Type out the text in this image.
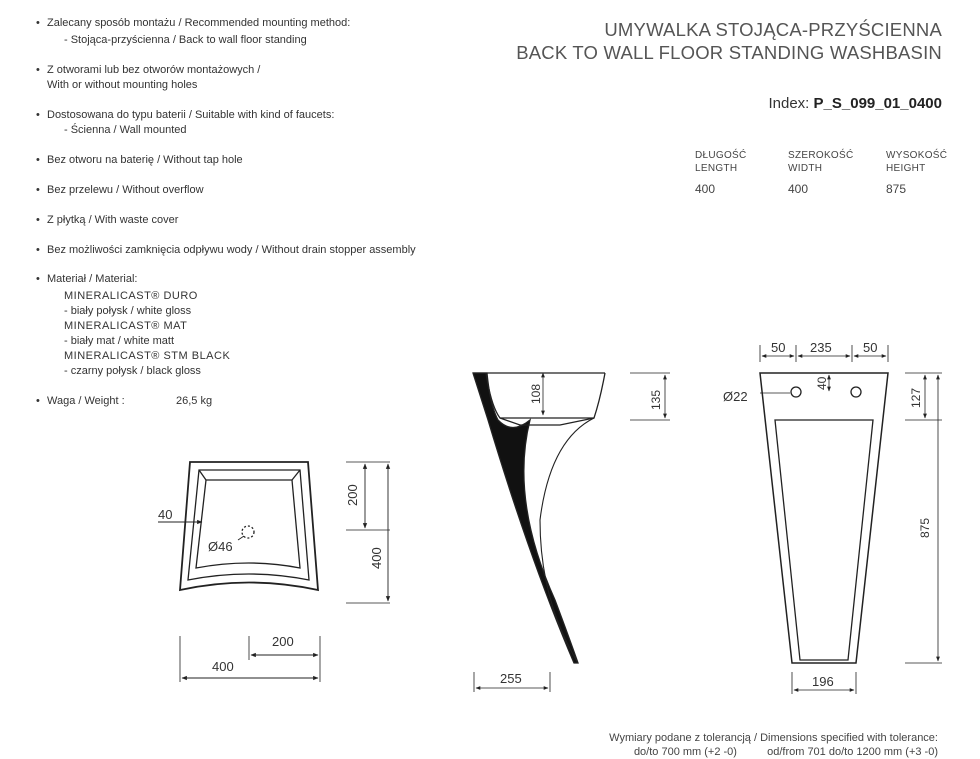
• Zalecany sposób montażu / Recommended mounting method:
- Stojąca-przyścienna / Back to wall floor standing
• Z otworami lub bez otworów montażowych /
With or without mounting holes
• Dostosowana do typu baterii / Suitable with kind of faucets:
- Ścienna / Wall mounted
• Bez otworu na baterię / Without tap hole
• Bez przelewu / Without overflow
• Z płytką / With waste cover
• Bez możliwości zamknięcia odpływu wody / Without drain stopper assembly
• Materiał / Material:
MINERALICAST® DURO
- biały połysk / white gloss
MINERALICAST® MAT
- biały mat / white matt
MINERALICAST® STM BLACK
- czarny połysk / black gloss
• Waga / Weight :	26,5 kg
UMYWALKA STOJĄCA-PRZYŚCIENNA
BACK TO WALL FLOOR STANDING WASHBASIN
Index: P_S_099_01_0400
DŁUGOŚĆ
LENGTH
400
SZEROKOŚĆ
WIDTH
400
WYSOKOŚĆ
HEIGHT
875
40
Ø46
200
400
200
400
108	135
255
50 235 50
40
Ø22	127
875
196
Wymiary podane z tolerancją / Dimensions specified with tolerance:
do/to 700 mm (+2 -0)	od/from 701 do/to 1200 mm (+3 -0)
